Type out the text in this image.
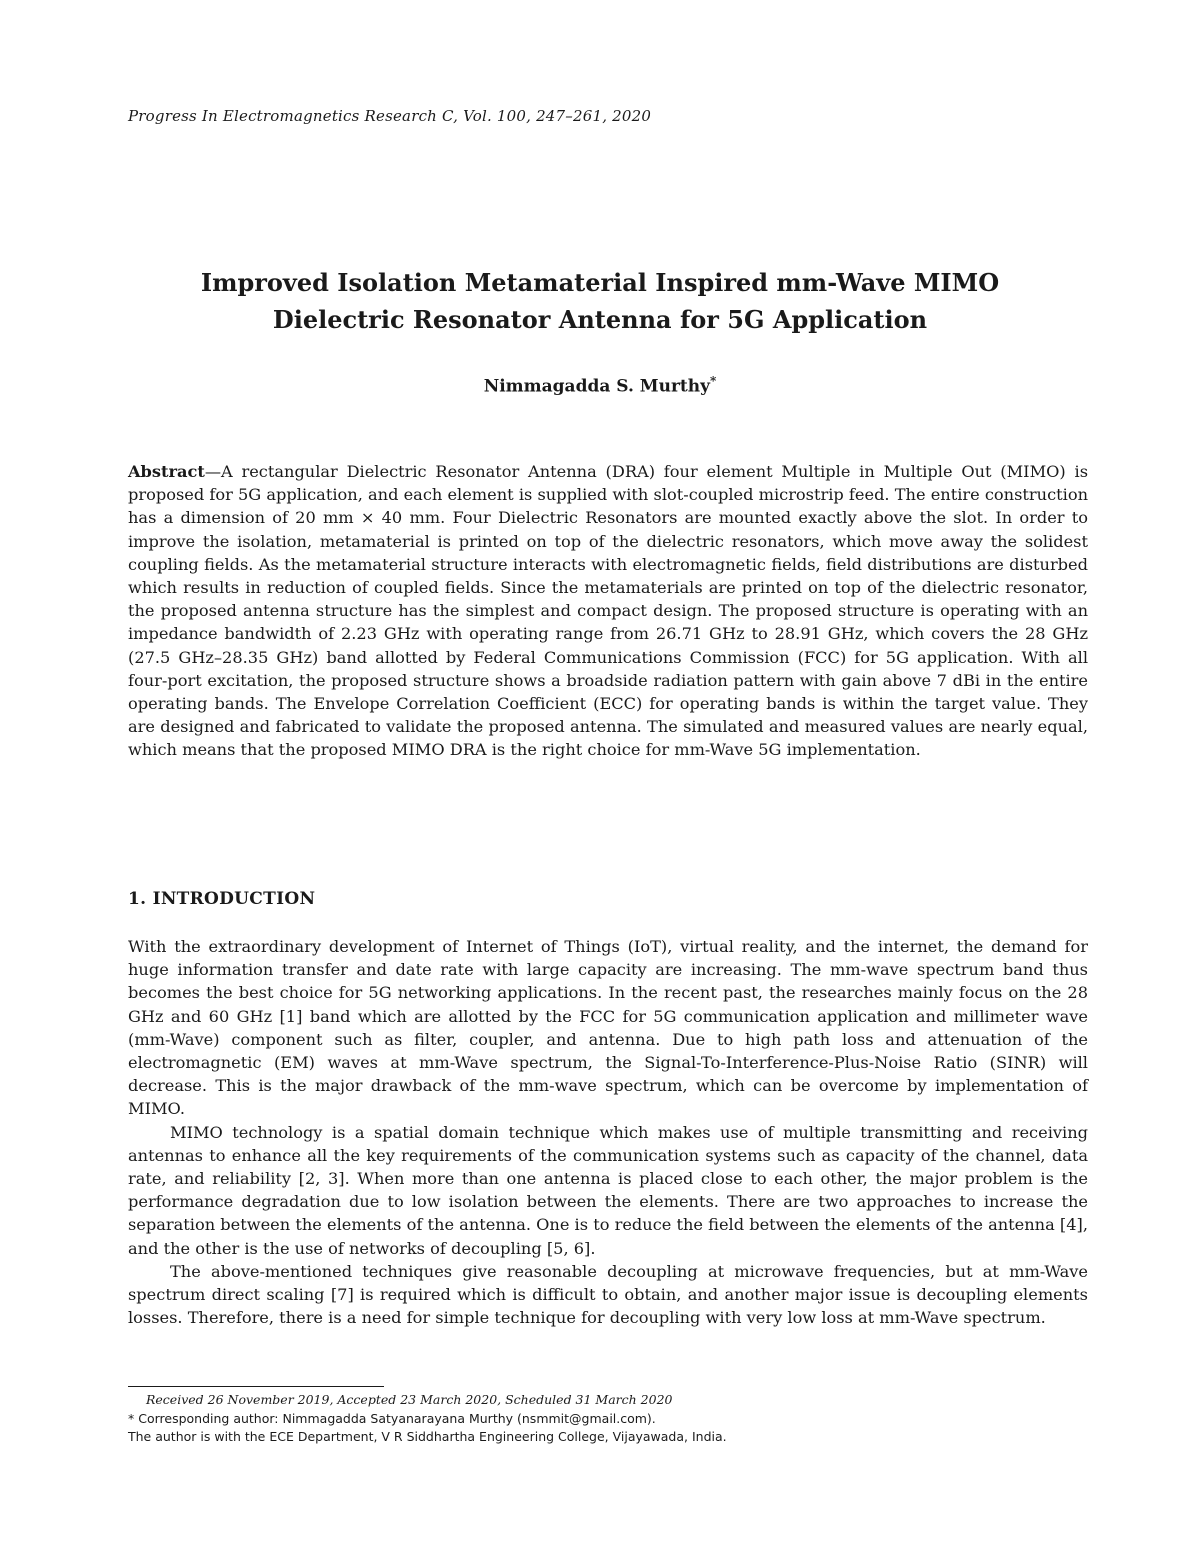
Progress In Electromagnetics Research C, Vol. 100, 247–261, 2020
Improved Isolation Metamaterial Inspired mm-Wave MIMO
Dielectric Resonator Antenna for 5G Application
Nimmagadda S. Murthy*
Abstract—A rectangular Dielectric Resonator Antenna (DRA) four element Multiple in Multiple Out (MIMO) is proposed for 5G application, and each element is supplied with slot-coupled microstrip feed. The entire construction has a dimension of 20 mm × 40 mm. Four Dielectric Resonators are mounted exactly above the slot. In order to improve the isolation, metamaterial is printed on top of the dielectric resonators, which move away the solidest coupling fields. As the metamaterial structure interacts with electromagnetic fields, field distributions are disturbed which results in reduction of coupled fields. Since the metamaterials are printed on top of the dielectric resonator, the proposed antenna structure has the simplest and compact design. The proposed structure is operating with an impedance bandwidth of 2.23 GHz with operating range from 26.71 GHz to 28.91 GHz, which covers the 28 GHz (27.5 GHz–28.35 GHz) band allotted by Federal Communications Commission (FCC) for 5G application. With all four-port excitation, the proposed structure shows a broadside radiation pattern with gain above 7 dBi in the entire operating bands. The Envelope Correlation Coefficient (ECC) for operating bands is within the target value. They are designed and fabricated to validate the proposed antenna. The simulated and measured values are nearly equal, which means that the proposed MIMO DRA is the right choice for mm-Wave 5G implementation.
1. INTRODUCTION

With the extraordinary development of Internet of Things (IoT), virtual reality, and the internet, the demand for huge information transfer and date rate with large capacity are increasing. The mm-wave spectrum band thus becomes the best choice for 5G networking applications. In the recent past, the researches mainly focus on the 28 GHz and 60 GHz [1] band which are allotted by the FCC for 5G communication application and millimeter wave (mm-Wave) component such as filter, coupler, and antenna. Due to high path loss and attenuation of the electromagnetic (EM) waves at mm-Wave spectrum, the Signal-To-Interference-Plus-Noise Ratio (SINR) will decrease. This is the major drawback of the mm-wave spectrum, which can be overcome by implementation of MIMO.

MIMO technology is a spatial domain technique which makes use of multiple transmitting and receiving antennas to enhance all the key requirements of the communication systems such as capacity of the channel, data rate, and reliability [2, 3]. When more than one antenna is placed close to each other, the major problem is the performance degradation due to low isolation between the elements. There are two approaches to increase the separation between the elements of the antenna. One is to reduce the field between the elements of the antenna [4], and the other is the use of networks of decoupling [5, 6].

The above-mentioned techniques give reasonable decoupling at microwave frequencies, but at mm-Wave spectrum direct scaling [7] is required which is difficult to obtain, and another major issue is decoupling elements losses. Therefore, there is a need for simple technique for decoupling with very low loss at mm-Wave spectrum.

Received 26 November 2019, Accepted 23 March 2020, Scheduled 31 March 2020
* Corresponding author: Nimmagadda Satyanarayana Murthy (nsmmit@gmail.com).
The author is with the ECE Department, V R Siddhartha Engineering College, Vijayawada, India.
